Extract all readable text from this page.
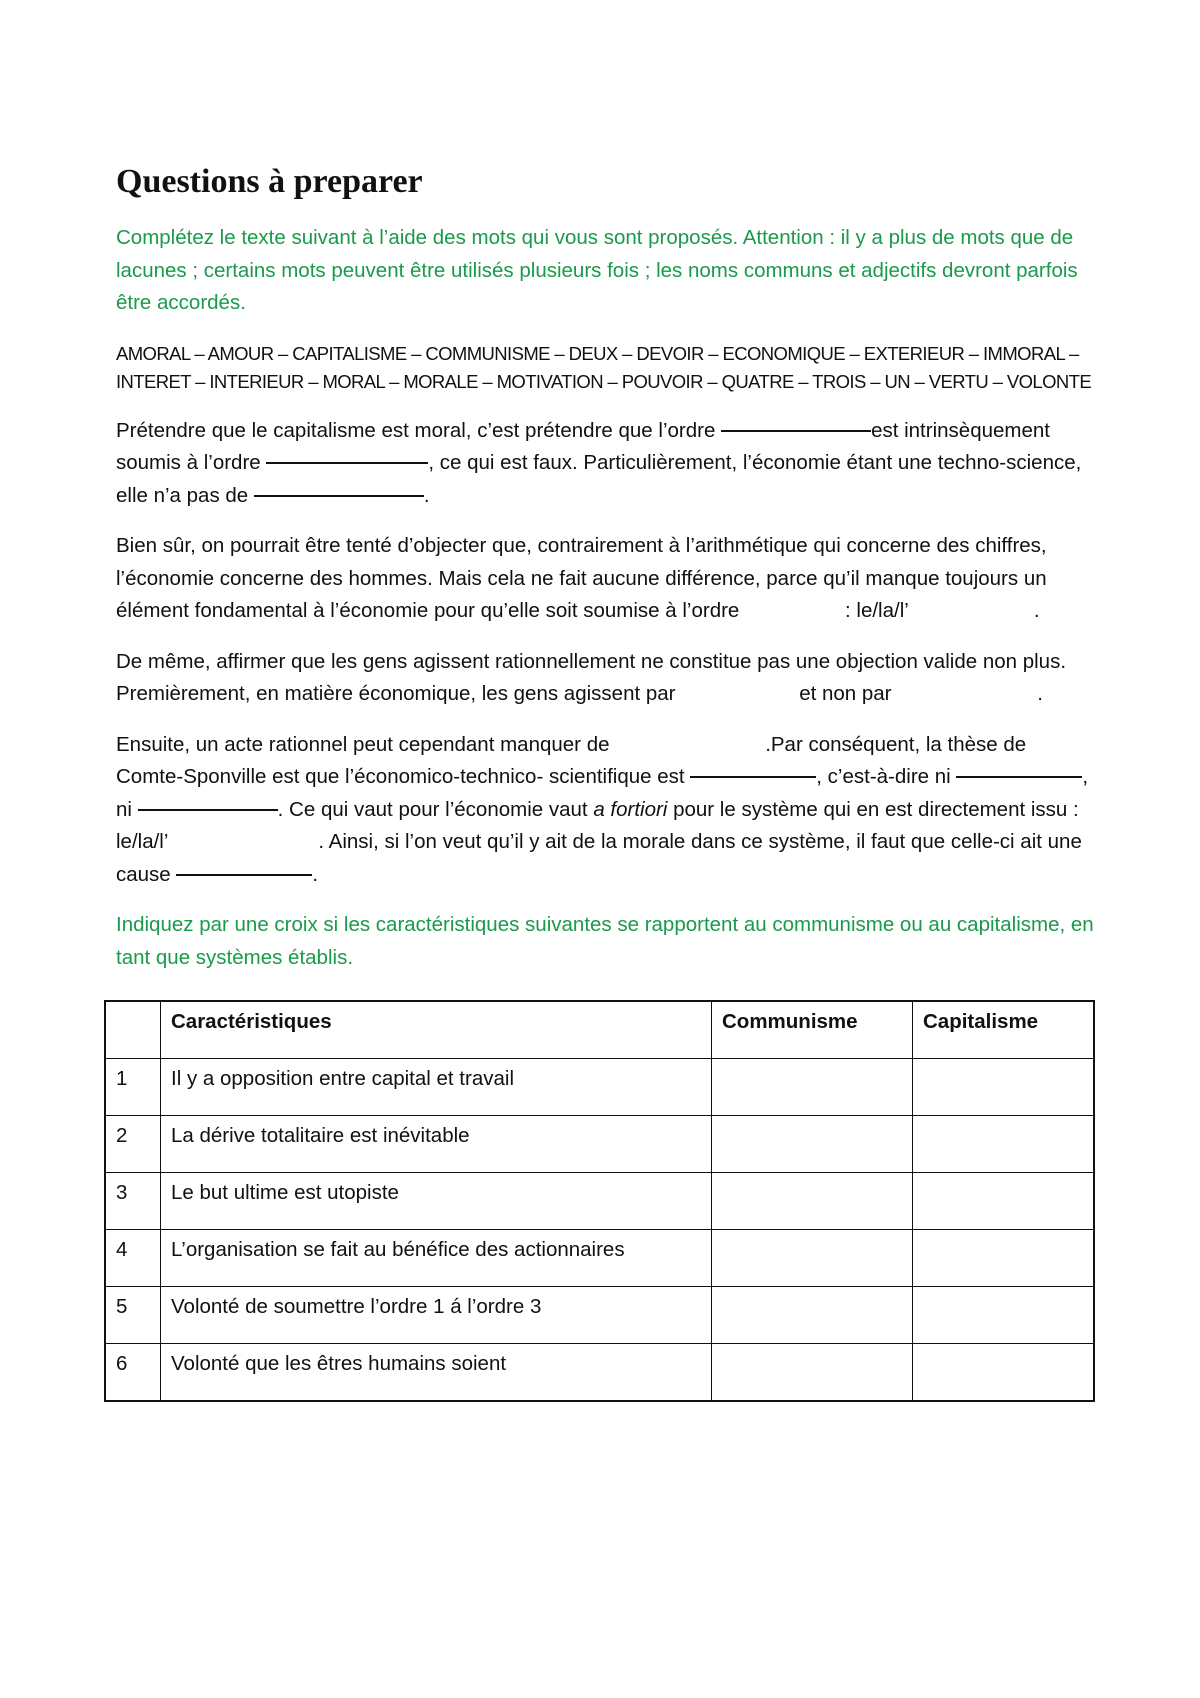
Questions à preparer

Complétez le texte suivant à l’aide des mots qui vous sont proposés. Attention : il y a plus de mots que de lacunes ; certains mots peuvent être utilisés plusieurs fois ; les noms communs et adjectifs devront parfois être accordés.

AMORAL – AMOUR – CAPITALISME – COMMUNISME – DEUX – DEVOIR – ECONOMIQUE – EXTERIEUR – IMMORAL – INTERET – INTERIEUR – MORAL – MORALE – MOTIVATION – POUVOIR – QUATRE – TROIS – UN – VERTU – VOLONTE

Prétendre que le capitalisme est moral, c’est prétendre que l’ordre	est intrinsèquement soumis à l’ordre	, ce qui est faux. Particulièrement, l’économie étant une techno-science, elle n’a pas de	.

Bien sûr, on pourrait être tenté d’objecter que, contrairement à l’arithmétique qui concerne des chiffres, l’économie concerne des hommes. Mais cela ne fait aucune différence, parce qu’il manque toujours un élément fondamental à l’économie pour qu’elle soit soumise à l’ordre	: le/la/l’	.

De même, affirmer que les gens agissent rationnellement ne constitue pas une objection valide non plus. Premièrement, en matière économique, les gens agissent par	et non par	.

Ensuite, un acte rationnel peut cependant manquer de	.Par conséquent, la thèse de Comte-Sponville est que l’économico-technico- scientifique est	, c’est-à-dire ni	, ni	. Ce qui vaut pour l’économie vaut a fortiori pour le système qui en est directement issu : le/la/l’	. Ainsi, si l’on veut qu’il y ait de la morale dans ce système, il faut que celle-ci ait une cause	.

Indiquez par une croix si les caractéristiques suivantes se rapportent au communisme ou au capitalisme, en tant que systèmes établis.

	Caractéristiques	Communisme	Capitalisme
1	Il y a opposition entre capital et travail		
2	La dérive totalitaire est inévitable		
3	Le but ultime est utopiste		
4	L’organisation se fait au bénéfice des actionnaires		
5	Volonté de soumettre l’ordre 1 á l’ordre 3		
6	Volonté que les êtres humains soient		
